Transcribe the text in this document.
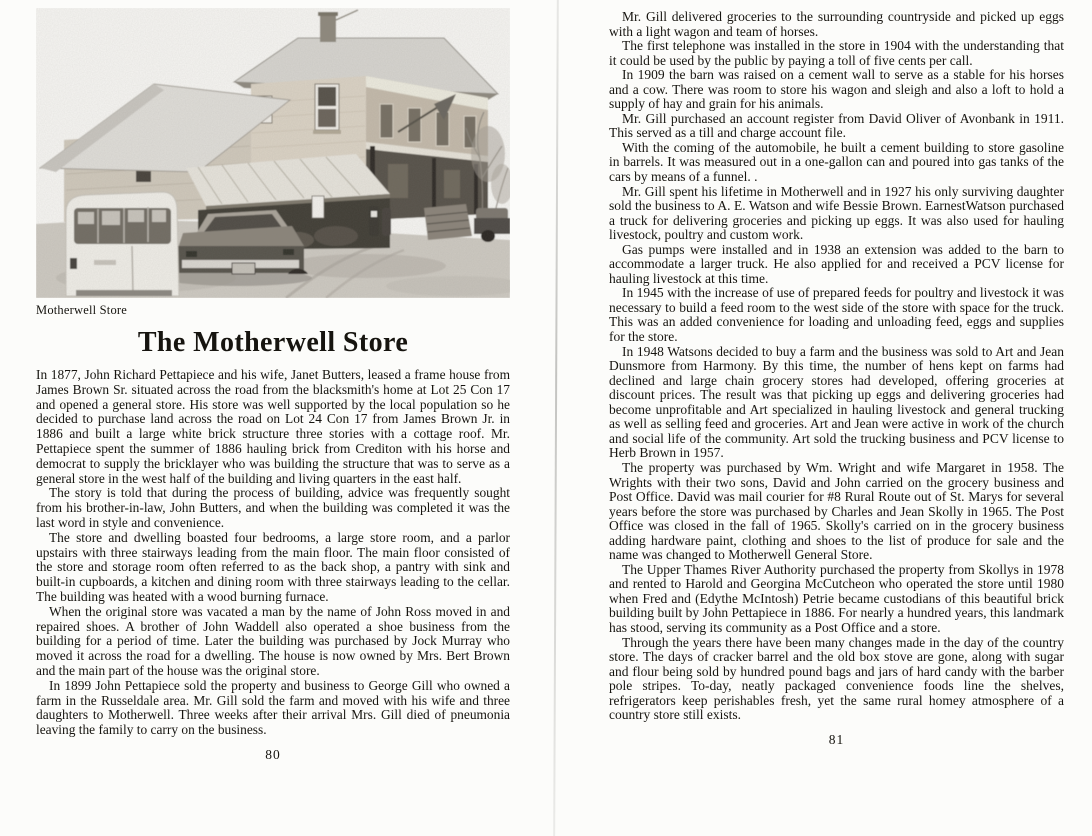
Motherwell Store
The Motherwell Store

In 1877, John Richard Pettapiece and his wife, Janet Butters, leased a frame house from James Brown Sr. situated across the road from the blacksmith's home at Lot 25 Con 17 and opened a general store. His store was well supported by the local population so he decided to purchase land across the road on Lot 24 Con 17 from James Brown Jr. in 1886 and built a large white brick structure three stories with a cottage roof. Mr. Pettapiece spent the summer of 1886 hauling brick from Crediton with his horse and democrat to supply the bricklayer who was building the structure that was to serve as a general store in the west half of the building and living quarters in the east half.

The story is told that during the process of building, advice was frequently sought from his brother-in-law, John Butters, and when the building was completed it was the last word in style and convenience.

The store and dwelling boasted four bedrooms, a large store room, and a parlor upstairs with three stairways leading from the main floor. The main floor consisted of the store and storage room often referred to as the back shop, a pantry with sink and built-in cupboards, a kitchen and dining room with three stairways leading to the cellar. The building was heated with a wood burning furnace.

When the original store was vacated a man by the name of John Ross moved in and repaired shoes. A brother of John Waddell also operated a shoe business from the building for a period of time. Later the building was purchased by Jock Murray who moved it across the road for a dwelling. The house is now owned by Mrs. Bert Brown and the main part of the house was the original store.

In 1899 John Pettapiece sold the property and business to George Gill who owned a farm in the Russeldale area. Mr. Gill sold the farm and moved with his wife and three daughters to Motherwell. Three weeks after their arrival Mrs. Gill died of pneumonia leaving the family to carry on the business.

80

Mr. Gill delivered groceries to the surrounding countryside and picked up eggs with a light wagon and team of horses.

The first telephone was installed in the store in 1904 with the understanding that it could be used by the public by paying a toll of five cents per call.

In 1909 the barn was raised on a cement wall to serve as a stable for his horses and a cow. There was room to store his wagon and sleigh and also a loft to hold a supply of hay and grain for his animals.

Mr. Gill purchased an account register from David Oliver of Avonbank in 1911. This served as a till and charge account file.

With the coming of the automobile, he built a cement building to store gasoline in barrels. It was measured out in a one-gallon can and poured into gas tanks of the cars by means of a funnel. .

Mr. Gill spent his lifetime in Motherwell and in 1927 his only surviving daughter sold the business to A. E. Watson and wife Bessie Brown. EarnestWatson purchased a truck for delivering groceries and picking up eggs. It was also used for hauling livestock, poultry and custom work.

Gas pumps were installed and in 1938 an extension was added to the barn to accommodate a larger truck. He also applied for and received a PCV license for hauling livestock at this time.

In 1945 with the increase of use of prepared feeds for poultry and livestock it was necessary to build a feed room to the west side of the store with space for the truck. This was an added convenience for loading and unloading feed, eggs and supplies for the store.

In 1948 Watsons decided to buy a farm and the business was sold to Art and Jean Dunsmore from Harmony. By this time, the number of hens kept on farms had declined and large chain grocery stores had developed, offering groceries at discount prices. The result was that picking up eggs and delivering groceries had become unprofitable and Art specialized in hauling livestock and general trucking as well as selling feed and groceries. Art and Jean were active in work of the church and social life of the community. Art sold the trucking business and PCV license to Herb Brown in 1957.

The property was purchased by Wm. Wright and wife Margaret in 1958. The Wrights with their two sons, David and John carried on the grocery business and Post Office. David was mail courier for #8 Rural Route out of St. Marys for several years before the store was purchased by Charles and Jean Skolly in 1965. The Post Office was closed in the fall of 1965. Skolly's carried on in the grocery business adding hardware paint, clothing and shoes to the list of produce for sale and the name was changed to Motherwell General Store.

The Upper Thames River Authority purchased the property from Skollys in 1978 and rented to Harold and Georgina McCutcheon who operated the store until 1980 when Fred and (Edythe McIntosh) Petrie became custodians of this beautiful brick building built by John Pettapiece in 1886. For nearly a hundred years, this landmark has stood, serving its community as a Post Office and a store.

Through the years there have been many changes made in the day of the country store. The days of cracker barrel and the old box stove are gone, along with sugar and flour being sold by hundred pound bags and jars of hard candy with the barber pole stripes. To-day, neatly packaged convenience foods line the shelves, refrigerators keep perishables fresh, yet the same rural homey atmosphere of a country store still exists.

81
